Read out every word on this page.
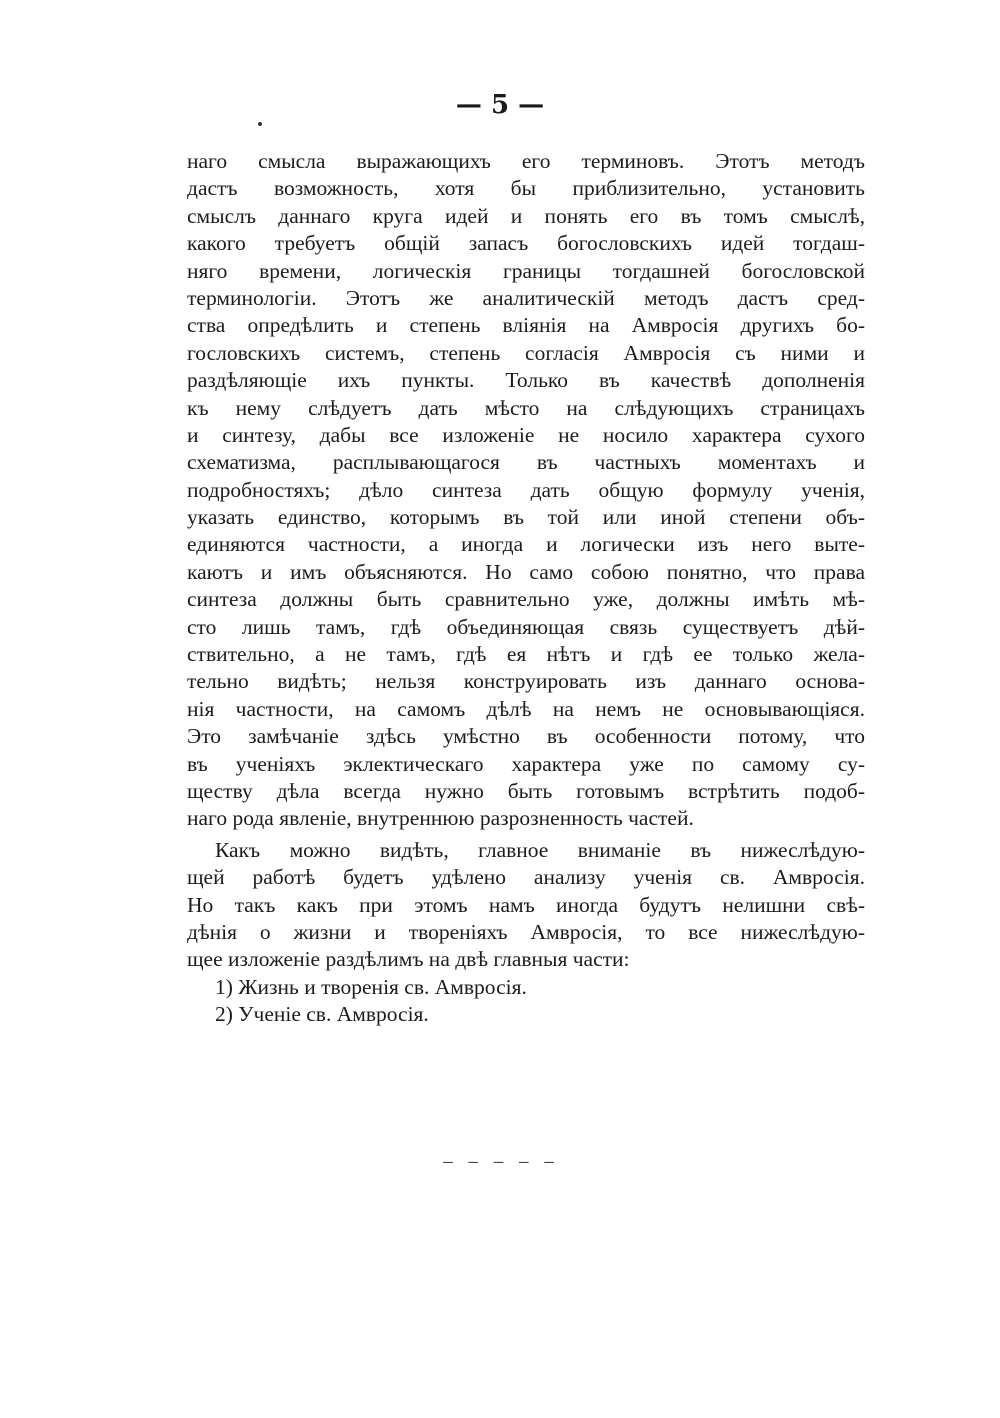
— 5 —
наго смысла выражающихъ его терминовъ. Этотъ методъ
дастъ возможность, хотя бы приблизительно, установить
смыслъ даннаго круга идей и понять его въ томъ смыслѣ,
какого требуетъ общій запасъ богословскихъ идей тогдаш-
няго времени, логическія границы тогдашней богословской
терминологіи. Этотъ же аналитическій методъ дастъ сред-
ства опредѣлить и степень вліянія на Амвросія другихъ бо-
гословскихъ системъ, степень согласія Амвросія съ ними и
раздѣляющіе ихъ пункты. Только въ качествѣ дополненія
къ нему слѣдуетъ дать мѣсто на слѣдующихъ страницахъ
и синтезу, дабы все изложеніе не носило характера сухого
схематизма, расплывающагося въ частныхъ моментахъ и
подробностяхъ; дѣло синтеза дать общую формулу ученія,
указать единство, которымъ въ той или иной степени объ-
единяются частности, а иногда и логически изъ него выте-
каютъ и имъ объясняются. Но само собою понятно, что права
синтеза должны быть сравнительно уже, должны имѣть мѣ-
сто лишь тамъ, гдѣ объединяющая связь существуетъ дѣй-
ствительно, а не тамъ, гдѣ ея нѣтъ и гдѣ ее только жела-
тельно видѣть; нельзя конструировать изъ даннаго основа-
нія частности, на самомъ дѣлѣ на немъ не основывающіяся.
Это замѣчаніе здѣсь умѣстно въ особенности потому, что
въ ученіяхъ эклектическаго характера уже по самому су-
ществу дѣла всегда нужно быть готовымъ встрѣтить подоб-
наго рода явленіе, внутреннюю разрозненность частей.
Какъ можно видѣть, главное вниманіе въ нижеслѣдую-
щей работѣ будетъ удѣлено анализу ученія св. Амвросія.
Но такъ какъ при этомъ намъ иногда будутъ нелишни свѣ-
дѣнія о жизни и твореніяхъ Амвросія, то все нижеслѣдую-
щее изложеніе раздѣлимъ на двѣ главныя части:
1) Жизнь и творенія св. Амвросія.
2) Ученіе св. Амвросія.
– – – – –
